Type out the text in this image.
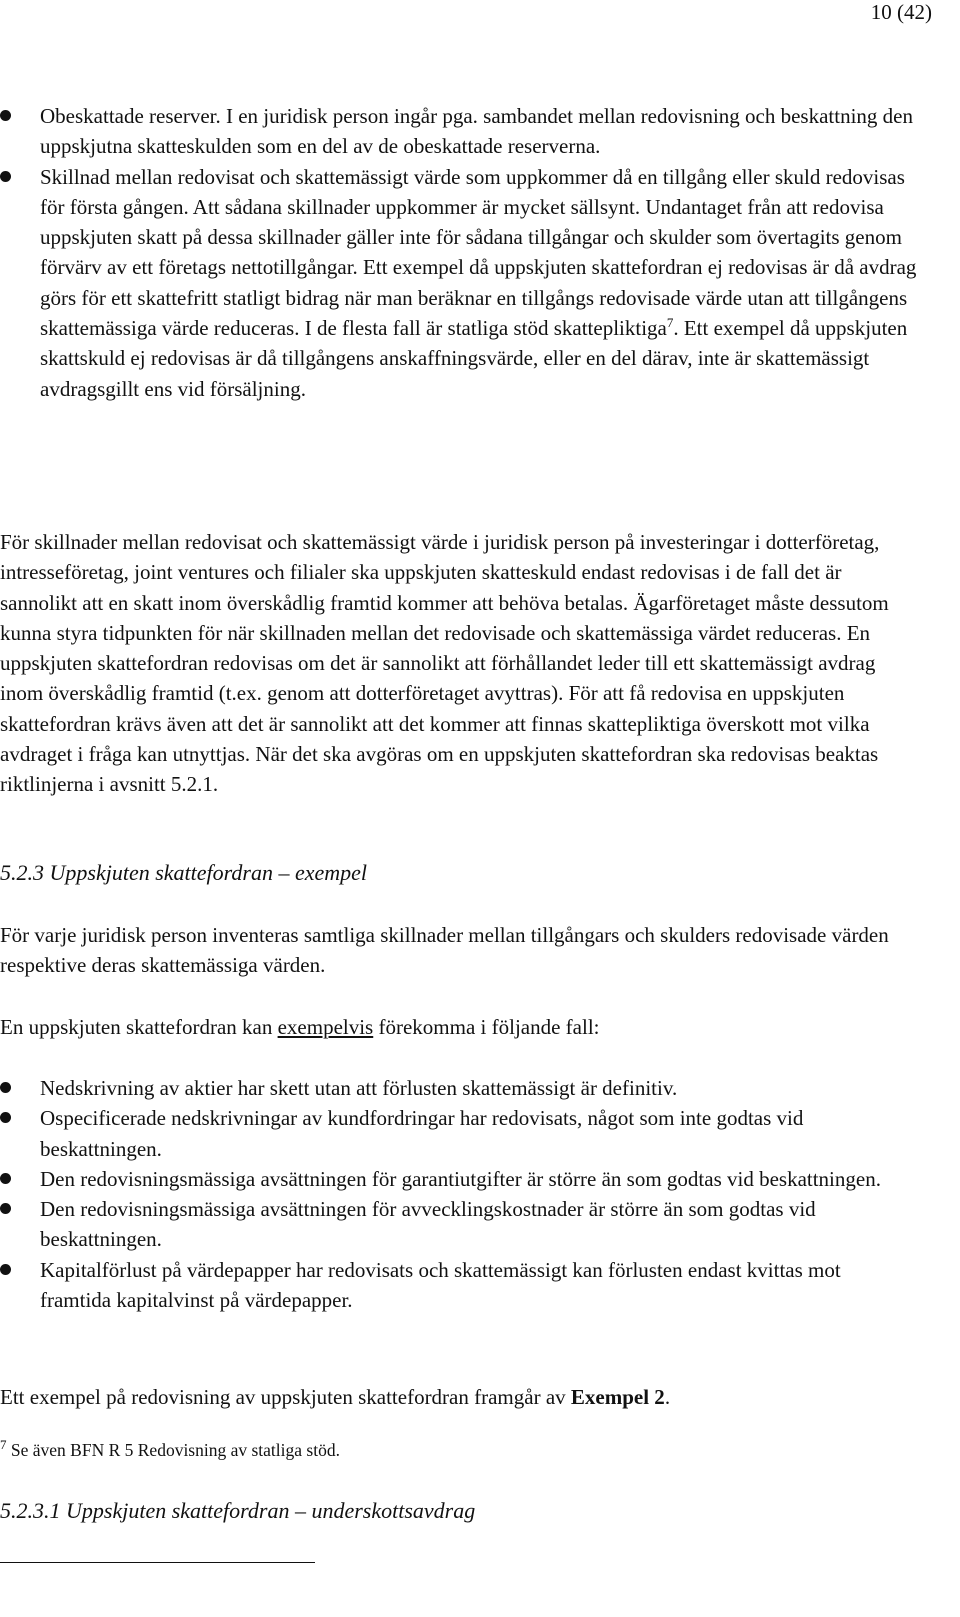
10 (42)
Obeskattade reserver. I en juridisk person ingår pga. sambandet mellan redovisning och beskattning den uppskjutna skatteskulden som en del av de obeskattade reserverna.
Skillnad mellan redovisat och skattemässigt värde som uppkommer då en tillgång eller skuld redovisas för första gången. Att sådana skillnader uppkommer är mycket sällsynt. Undantaget från att redovisa uppskjuten skatt på dessa skillnader gäller inte för sådana tillgångar och skulder som övertagits genom förvärv av ett företags nettotillgångar. Ett exempel då uppskjuten skattefordran ej redovisas är då avdrag görs för ett skattefritt statligt bidrag när man beräknar en tillgångs redovisade värde utan att tillgångens skattemässiga värde reduceras. I de flesta fall är statliga stöd skattepliktiga$^7$. Ett exempel då uppskjuten skattskuld ej redovisas är då tillgångens anskaffningsvärde, eller en del därav, inte är skattemässigt avdragsgillt ens vid försäljning.
För skillnader mellan redovisat och skattemässigt värde i juridisk person på investeringar i dotterföretag, intresseföretag, joint ventures och filialer ska uppskjuten skatteskuld endast redovisas i de fall det är sannolikt att en skatt inom överskådlig framtid kommer att behöva betalas. Ägarföretaget måste dessutom kunna styra tidpunkten för när skillnaden mellan det redovisade och skattemässiga värdet reduceras. En uppskjuten skattefordran redovisas om det är sannolikt att förhållandet leder till ett skattemässigt avdrag inom överskådlig framtid (t.ex. genom att dotterföretaget avyttras). För att få redovisa en uppskjuten skattefordran krävs även att det är sannolikt att det kommer att finnas skattepliktiga överskott mot vilka avdraget i fråga kan utnyttjas. När det ska avgöras om en uppskjuten skattefordran ska redovisas beaktas riktlinjerna i avsnitt 5.2.1.
5.2.3 Uppskjuten skattefordran – exempel
För varje juridisk person inventeras samtliga skillnader mellan tillgångars och skulders redovisade värden respektive deras skattemässiga värden.
En uppskjuten skattefordran kan exempelvis förekomma i följande fall:
Nedskrivning av aktier har skett utan att förlusten skattemässigt är definitiv.
Ospecificerade nedskrivningar av kundfordringar har redovisats, något som inte godtas vid beskattningen.
Den redovisningsmässiga avsättningen för garantiutgifter är större än som godtas vid beskattningen.
Den redovisningsmässiga avsättningen för avvecklingskostnader är större än som godtas vid beskattningen.
Kapitalförlust på värdepapper har redovisats och skattemässigt kan förlusten endast kvittas mot framtida kapitalvinst på värdepapper.
Ett exempel på redovisning av uppskjuten skattefordran framgår av Exempel 2.
$^7$ Se även BFN R 5 Redovisning av statliga stöd.
5.2.3.1 Uppskjuten skattefordran – underskottsavdrag
